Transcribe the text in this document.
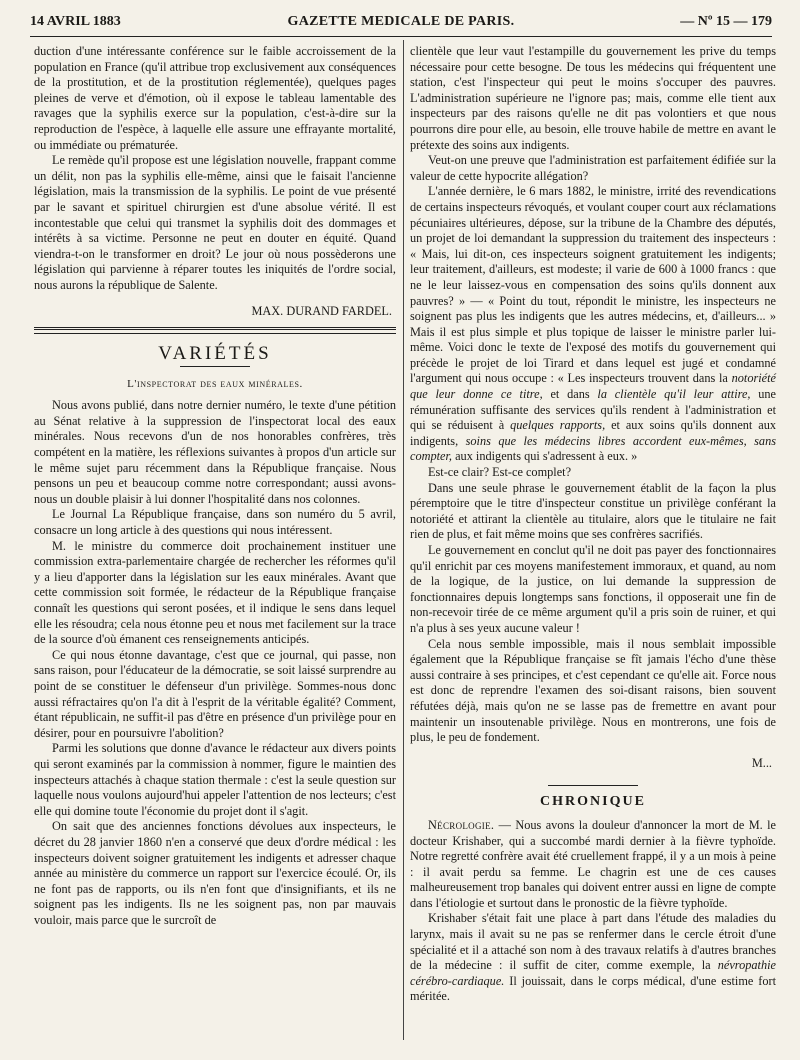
14 AVRIL 1883	GAZETTE MEDICALE DE PARIS.	— Nº 15 — 179

duction d'une intéressante conférence sur le faible accroissement de la population en France (qu'il attribue trop exclusivement aux conséquences de la prostitution, et de la prostitution réglementée), quelques pages pleines de verve et d'émotion, où il expose le tableau lamentable des ravages que la syphilis exerce sur la population, c'est-à-dire sur la reproduction de l'espèce, à laquelle elle assure une effrayante mortalité, ou immédiate ou prématurée.

Le remède qu'il propose est une législation nouvelle, frappant comme un délit, non pas la syphilis elle-même, ainsi que le faisait l'ancienne législation, mais la transmission de la syphilis. Le point de vue présenté par le savant et spirituel chirurgien est d'une absolue vérité. Il est incontestable que celui qui transmet la syphilis doit des dommages et intérêts à sa victime. Personne ne peut en douter en équité. Quand viendra-t-on le transformer en droit? Le jour où nous possèderons une législation qui parvienne à réparer toutes les iniquités de l'ordre social, nous aurons la république de Salente.

MAX. DURAND FARDEL.
VARIÉTÉS
L'inspectorat des eaux minérales.

Nous avons publié, dans notre dernier numéro, le texte d'une pétition au Sénat relative à la suppression de l'inspectorat local des eaux minérales. Nous recevons d'un de nos honorables confrères, très compétent en la matière, les réflexions suivantes à propos d'un article sur le même sujet paru récemment dans la République française. Nous pensons un peu et beaucoup comme notre correspondant; aussi avons-nous un double plaisir à lui donner l'hospitalité dans nos colonnes.

Le Journal La République française, dans son numéro du 5 avril, consacre un long article à des questions qui nous intéressent.

M. le ministre du commerce doit prochainement instituer une commission extra-parlementaire chargée de rechercher les réformes qu'il y a lieu d'apporter dans la législation sur les eaux minérales. Avant que cette commission soit formée, le rédacteur de la République française connaît les questions qui seront posées, et il indique le sens dans lequel elle les résoudra; cela nous étonne peu et nous met facilement sur la trace de la source d'où émanent ces renseignements anticipés.

Ce qui nous étonne davantage, c'est que ce journal, qui passe, non sans raison, pour l'éducateur de la démocratie, se soit laissé surprendre au point de se constituer le défenseur d'un privilège. Sommes-nous donc aussi réfractaires qu'on l'a dit à l'esprit de la véritable égalité? Comment, étant républicain, ne suffit-il pas d'être en présence d'un privilège pour en désirer, pour en poursuivre l'abolition?

Parmi les solutions que donne d'avance le rédacteur aux divers points qui seront examinés par la commission à nommer, figure le maintien des inspecteurs attachés à chaque station thermale : c'est la seule question sur laquelle nous voulons aujourd'hui appeler l'attention de nos lecteurs; c'est elle qui domine toute l'économie du projet dont il s'agit.

On sait que des anciennes fonctions dévolues aux inspecteurs, le décret du 28 janvier 1860 n'en a conservé que deux d'ordre médical : les inspecteurs doivent soigner gratuitement les indigents et adresser chaque année au ministère du commerce un rapport sur l'exercice écoulé. Or, ils ne font pas de rapports, ou ils n'en font que d'insignifiants, et ils ne soignent pas les indigents. Ils ne les soignent pas, non par mauvais vouloir, mais parce que le surcroît de

clientèle que leur vaut l'estampille du gouvernement les prive du temps nécessaire pour cette besogne. De tous les médecins qui fréquentent une station, c'est l'inspecteur qui peut le moins s'occuper des pauvres. L'administration supérieure ne l'ignore pas; mais, comme elle tient aux inspecteurs par des raisons qu'elle ne dit pas volontiers et que nous pourrons dire pour elle, au besoin, elle trouve habile de mettre en avant le prétexte des soins aux indigents.

Veut-on une preuve que l'administration est parfaitement édifiée sur la valeur de cette hypocrite allégation?

L'année dernière, le 6 mars 1882, le ministre, irrité des revendications de certains inspecteurs révoqués, et voulant couper court aux réclamations pécuniaires ultérieures, dépose, sur la tribune de la Chambre des députés, un projet de loi demandant la suppression du traitement des inspecteurs : « Mais, lui dit-on, ces inspecteurs soignent gratuitement les indigents; leur traitement, d'ailleurs, est modeste; il varie de 600 à 1000 francs : que ne le leur laissez-vous en compensation des soins qu'ils donnent aux pauvres? » — « Point du tout, répondit le ministre, les inspecteurs ne soignent pas plus les indigents que les autres médecins, et, d'ailleurs... » Mais il est plus simple et plus topique de laisser le ministre parler lui-même. Voici donc le texte de l'exposé des motifs du gouvernement qui précède le projet de loi Tirard et dans lequel est jugé et condamné l'argument qui nous occupe : « Les inspecteurs trouvent dans la notoriété que leur donne ce titre, et dans la clientèle qu'il leur attire, une rémunération suffisante des services qu'ils rendent à l'administration et qui se réduisent à quelques rapports, et aux soins qu'ils donnent aux indigents, soins que les médecins libres accordent eux-mêmes, sans compter, aux indigents qui s'adressent à eux. »

Est-ce clair? Est-ce complet?

Dans une seule phrase le gouvernement établit de la façon la plus péremptoire que le titre d'inspecteur constitue un privilège conférant la notoriété et attirant la clientèle au titulaire, alors que le titulaire ne fait rien de plus, et fait même moins que ses confrères sacrifiés.

Le gouvernement en conclut qu'il ne doit pas payer des fonctionnaires qu'il enrichit par ces moyens manifestement immoraux, et quand, au nom de la logique, de la justice, on lui demande la suppression de fonctionnaires depuis longtemps sans fonctions, il opposerait une fin de non-recevoir tirée de ce même argument qu'il a pris soin de ruiner, et qui n'a plus à ses yeux aucune valeur !

Cela nous semble impossible, mais il nous semblait impossible également que la République française se fît jamais l'écho d'une thèse aussi contraire à ses principes, et c'est cependant ce qu'elle ait. Force nous est donc de reprendre l'examen des soi-disant raisons, bien souvent réfutées déjà, mais qu'on ne se lasse pas de fremettre en avant pour maintenir un insoutenable privilège. Nous en montrerons, une fois de plus, le peu de fondement.

M...
CHRONIQUE

Nécrologie. — Nous avons la douleur d'annoncer la mort de M. le docteur Krishaber, qui a succombé mardi dernier à la fièvre typhoïde. Notre regretté confrère avait été cruellement frappé, il y a un mois à peine : il avait perdu sa femme. Le chagrin est une de ces causes malheureusement trop banales qui doivent entrer aussi en ligne de compte dans l'étiologie et surtout dans le pronostic de la fièvre typhoïde.

Krishaber s'était fait une place à part dans l'étude des maladies du larynx, mais il avait su ne pas se renfermer dans le cercle étroit d'une spécialité et il a attaché son nom à des travaux relatifs à d'autres branches de la médecine : il suffit de citer, comme exemple, la névropathie cérébro-cardiaque. Il jouissait, dans le corps médical, d'une estime fort méritée.
